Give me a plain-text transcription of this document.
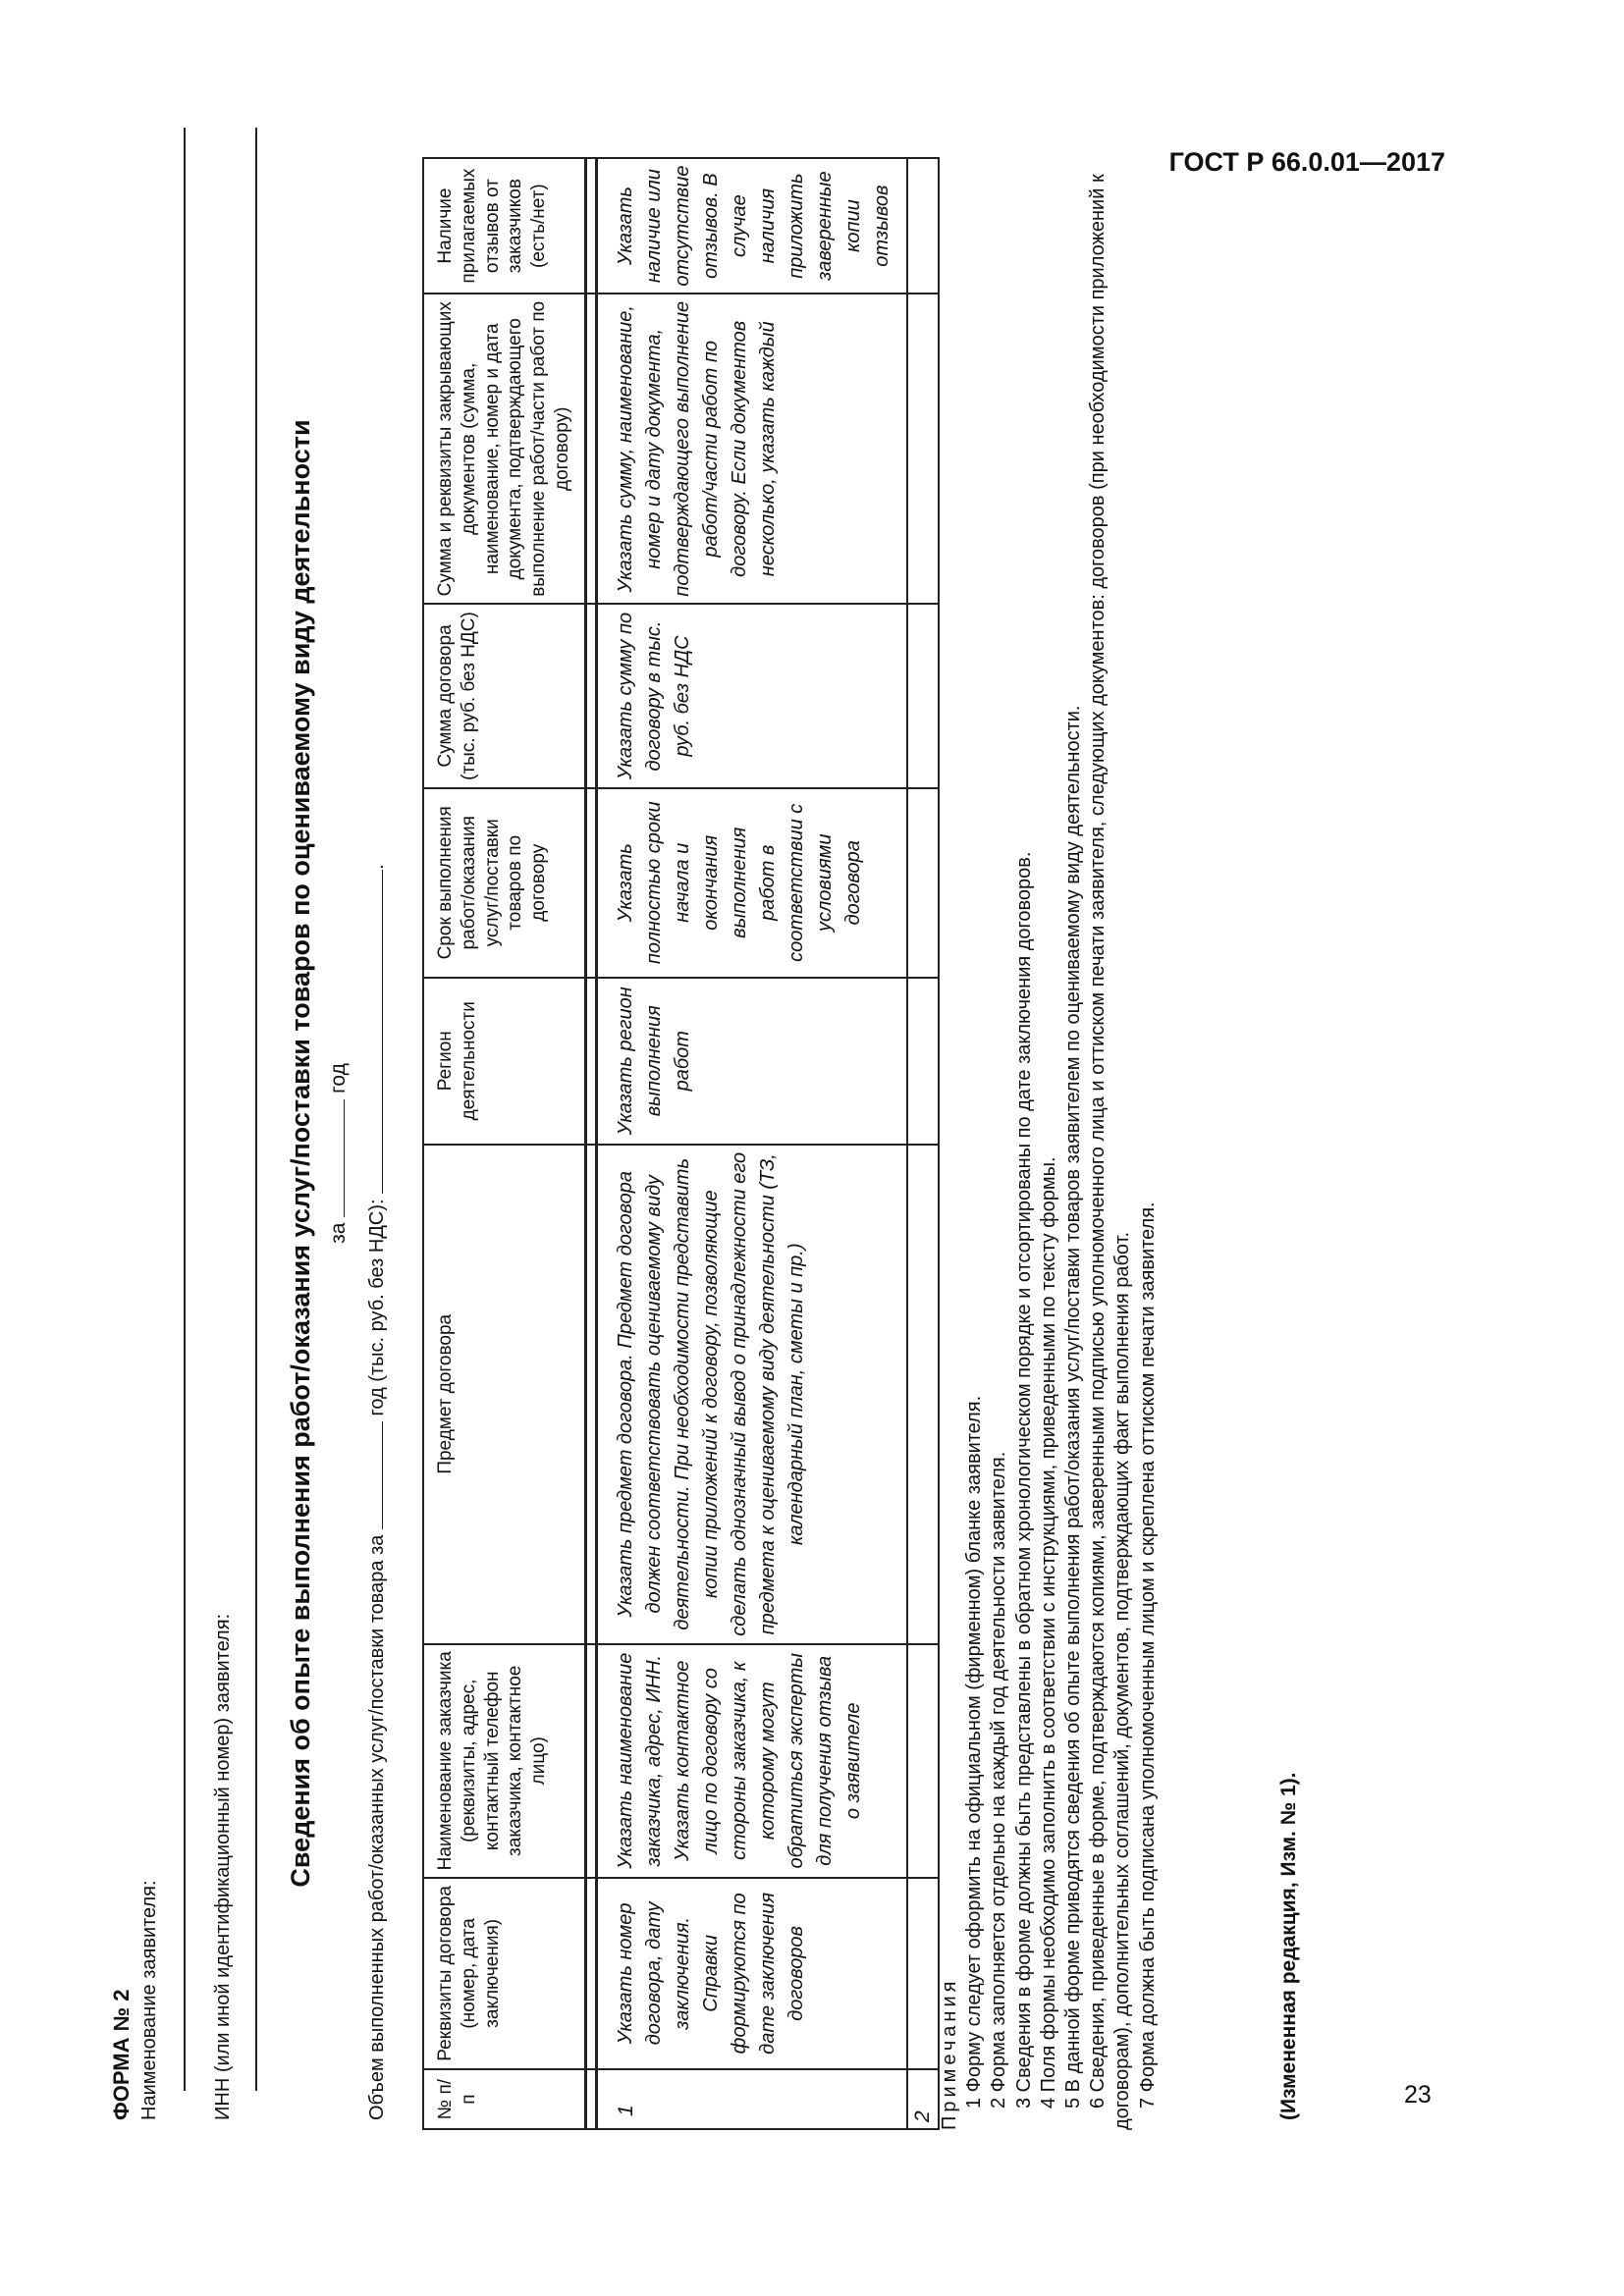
ГОСТ Р 66.0.01—2017
23
ФОРМА № 2 Наименование заявителя:	ИНН (или иной идентификационный номер) заявителя: Сведения об опыте выполнения работ/оказания услуг/поставки товаров по оцениваемому виду деятельности за  год
Объем выполненных работ/оказанных услуг/поставки товара за  год (тыс. руб. без НДС): .
№ п/п	Реквизиты договора (номер, дата заключения)	Наименование заказчика (реквизиты, адрес, контактный телефон заказчика, контактное лицо)	Предмет договора	Регион деятельности	Срок выполнения работ/оказания услуг/поставки товаров по договору	Сумма договора (тыс. руб. без НДС)	Сумма и реквизиты закрывающих документов (сумма, наименование, номер и дата документа, подтверждающего выполнение работ/части работ по договору)	Наличие прилагаемых отзывов от заказчиков (есть/нет)

1	Указать номер договора, дату заключения. Справки формируются по дате заключения договоров	Указать наименование заказчика, адрес, ИНН. Указать контактное лицо по договору со стороны заказчика, к которому могут обратиться эксперты для получения отзыва о заявителе	Указать предмет договора. Предмет договора должен соответствовать оцениваемому виду деятельности. При необходимости представить копии приложений к договору, позволяющие сделать однозначный вывод о принадлежности его предмета к оцениваемому виду деятельности (ТЗ, календарный план, сметы и пр.)	Указать регион выполнения работ	Указать полностью сроки начала и окончания выполнения работ в соответствии с условиями договора	Указать сумму по договору в тыс. руб. без НДС	Указать сумму, наименование, номер и дату документа, подтверждающего выполнение работ/части работ по договору. Если документов несколько, указать каждый	Указать наличие или отсутствие отзывов. В случае наличия приложить заверенные копии отзывов
2								Примечания 1 Форму следует оформить на официальном (фирменном) бланке заявителя. 2 Форма заполняется отдельно на каждый год деятельности заявителя. 3 Сведения в форме должны быть представлены в обратном хронологическом порядке и отсортированы по дате заключения договоров. 4 Поля формы необходимо заполнить в соответствии с инструкциями, приведенными по тексту формы. 5 В данной форме приводятся сведения об опыте выполнения работ/оказания услуг/поставки товаров заявителем по оцениваемому виду деятельности. 6 Сведения, приведенные в форме, подтверждаются копиями, заверенными подписью уполномоченного лица и оттиском печати заявителя, следующих документов: договоров (при необходимости приложений к договорам), дополнительных соглашений, документов, подтверждающих факт выполнения работ. 7 Форма должна быть подписана уполномоченным лицом и скреплена оттиском печати заявителя.	(Измененная редакция, Изм. № 1).
